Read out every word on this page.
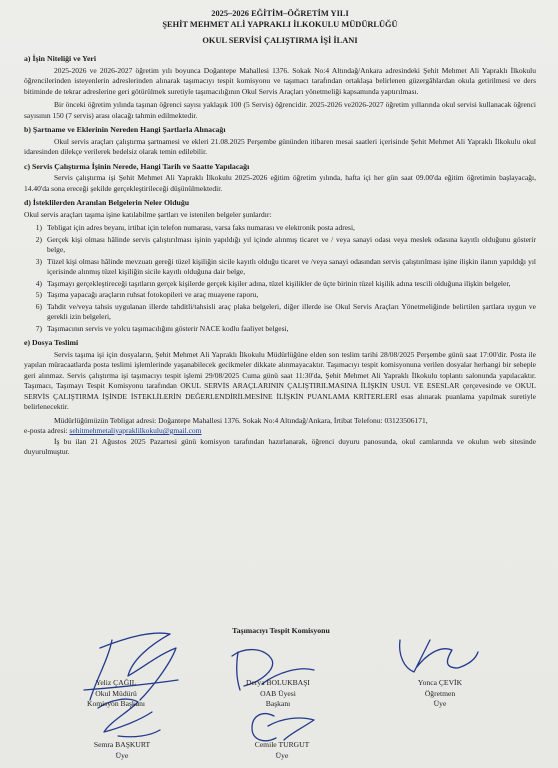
2025–2026 EĞİTİM–ÖĞRETİM YILI
ŞEHİT MEHMET ALİ YAPRAKLI İLKOKULU MÜDÜRLÜĞÜ
OKUL SERVİSİ ÇALIŞTIRMA İŞİ İLANI
a) İşin Niteliği ve Yeri

2025-2026 ve 2026-2027 öğretim yılı boyunca Doğantepe Mahallesi 1376. Sokak No:4 Altındağ/Ankara adresindeki Şehit Mehmet Ali Yapraklı İlkokulu öğrencilerinden isteyenlerin adreslerinden alınarak taşımacıyı tespit komisyonu ve taşımacı tarafından ortaklaşa belirlenen güzergâhlardan okula getirilmesi ve ders bitiminde de tekrar adreslerine geri götürülmek suretiyle taşımacılığının Okul Servis Araçları yönetmeliği kapsamında yaptırılması.

Bir önceki öğretim yılında taşınan öğrenci sayısı yaklaşık 100 (5 Servis) öğrencidir. 2025-2026 ve2026-2027 öğretim yıllarında okul servisi kullanacak öğrenci sayısının 150 (7 servis) arası olacağı tahmin edilmektedir.

b) Şartname ve Eklerinin Nereden Hangi Şartlarla Alınacağı

Okul servis araçları çalıştırma şartnamesi ve ekleri 21.08.2025 Perşembe gününden itibaren mesai saatleri içerisinde Şehit Mehmet Ali Yapraklı İlkokulu okul idaresinden dilekçe verilerek bedelsiz olarak temin edilebilir.

c) Servis Çalıştırma İşinin Nerede, Hangi Tarih ve Saatte Yapılacağı

Servis çalıştırma işi Şehit Mehmet Ali Yapraklı İlkokulu 2025-2026 eğitim öğretim yılında, hafta içi her gün saat 09.00'da eğitim öğretimin başlayacağı, 14.40'da sona ereceği şekilde gerçekleştirileceği düşünülmektedir.

d) İsteklilerden Aranılan Belgelerin Neler Olduğu

Okul servis araçları taşıma işine katılabilme şartları ve istenilen belgeler şunlardır:

1) Tebligat için adres beyanı, irtibat için telefon numarası, varsa faks numarası ve elektronik posta adresi,
2) Gerçek kişi olması hâlinde servis çalıştırılması işinin yapıldığı yıl içinde alınmış ticaret ve / veya sanayi odası veya meslek odasına kayıtlı olduğunu gösterir belge,
3) Tüzel kişi olması hâlinde mevzuatı gereği tüzel kişiliğin sicile kayıtlı olduğu ticaret ve /veya sanayi odasından servis çalıştırılması işine ilişkin ilanın yapıldığı yıl içerisinde alınmış tüzel kişiliğin sicile kayıtlı olduğuna dair belge,
4) Taşımayı gerçekleştireceği taşıtların gerçek kişilerde gerçek kişiler adına, tüzel kişilikler de üçte birinin tüzel kişilik adına tescili olduğuna ilişkin belgeler,
5) Taşıma yapacağı araçların ruhsat fotokopileri ve araç muayene raporu,
6) Tahdit ve/veya tahsis uygulanan illerde tahditli/tahsisli araç plaka belgeleri, diğer illerde ise Okul Servis Araçları Yönetmeliğinde belirtilen şartlara uygun ve gerekli izin belgeleri,
7) Taşımacının servis ve yolcu taşımacılığını gösterir NACE kodlu faaliyet belgesi,
e) Dosya Teslimi

Servis taşıma işi için dosyaların, Şehit Mehmet Ali Yapraklı İlkokulu Müdürlüğüne elden son teslim tarihi 28/08/2025 Perşembe günü saat 17:00'dir. Posta ile yapılan müracaatlarda posta teslimi işlemlerinde yaşanabilecek gecikmeler dikkate alınmayacaktır. Taşımacıyı tespit komisyonuna verilen dosyalar herhangi bir sebeple geri alınmaz. Servis çalıştırma işi taşımacıyı tespit işlemi 29/08/2025 Cuma günü saat 11:30'da, Şehit Mehmet Ali Yapraklı İlkokulu toplantı salonunda yapılacaktır. Taşımacı, Taşımayı Tespit Komisyonu tarafından OKUL SERVİS ARAÇLARININ ÇALIŞTIRILMASINA İLİŞKİN USUL VE ESESLAR çerçevesinde ve OKUL SERVİS ÇALIŞTIRMA İŞİNDE İSTEKLİLERİN DEĞERLENDİRİLMESİNE İLİŞKİN PUANLAMA KRİTERLERİ esas alınarak puanlama yapılmak suretiyle belirlenecektir.

Müdürlüğümüzün Tebligat adresi: Doğantepe Mahallesi 1376. Sokak No:4 Altındağ/Ankara, İrtibat Telefonu: 03123506171,

e-posta adresi: sehitmehmetaliyapraklilkokulu@gmail.com

İş bu ilan 21 Ağustos 2025 Pazartesi günü komisyon tarafından hazırlanarak, öğrenci duyuru panosunda, okul camlarında ve okulun web sitesinde duyurulmuştur.

Taşımacıyı Tespit Komisyonu
Yeliz ÇAĞIL
Okul Müdürü
Komisyon Başkanı
Derya BOLUKBAŞI
OAB Üyesi
Başkanı
Yonca ÇEVİK
Öğretmen
Üye
Semra BAŞKURT
Üye
Cemile TURGUT
Üye
